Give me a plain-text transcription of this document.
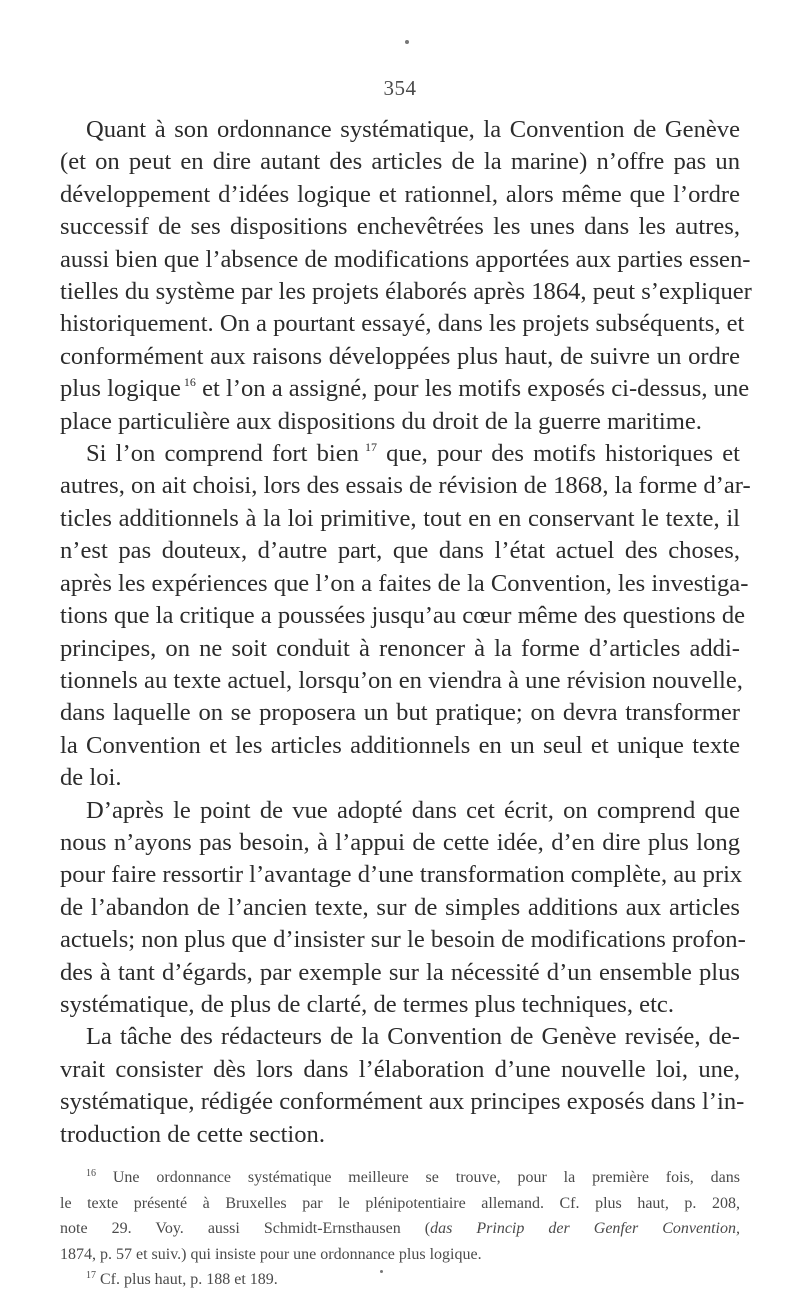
354
Quant à son ordonnance systématique, la Convention de Genève
(et on peut en dire autant des articles de la marine) n’offre pas un
développement d’idées logique et rationnel, alors même que l’ordre
successif de ses dispositions enchevêtrées les unes dans les autres,
aussi bien que l’absence de modifications apportées aux parties essen-
tielles du système par les projets élaborés après 1864, peut s’expliquer
historiquement. On a pourtant essayé, dans les projets subséquents, et
conformément aux raisons développées plus haut, de suivre un ordre
plus logique $^{16}$ et l’on a assigné, pour les motifs exposés ci-dessus, une
place particulière aux dispositions du droit de la guerre maritime.
Si l’on comprend fort bien $^{17}$ que, pour des motifs historiques et
autres, on ait choisi, lors des essais de révision de 1868, la forme d’ar-
ticles additionnels à la loi primitive, tout en en conservant le texte, il
n’est pas douteux, d’autre part, que dans l’état actuel des choses,
après les expériences que l’on a faites de la Convention, les investiga-
tions que la critique a poussées jusqu’au cœur même des questions de
principes, on ne soit conduit à renoncer à la forme d’articles addi-
tionnels au texte actuel, lorsqu’on en viendra à une révision nouvelle,
dans laquelle on se proposera un but pratique; on devra transformer
la Convention et les articles additionnels en un seul et unique texte
de loi.
D’après le point de vue adopté dans cet écrit, on comprend que
nous n’ayons pas besoin, à l’appui de cette idée, d’en dire plus long
pour faire ressortir l’avantage d’une transformation complète, au prix
de l’abandon de l’ancien texte, sur de simples additions aux articles
actuels; non plus que d’insister sur le besoin de modifications profon-
des à tant d’égards, par exemple sur la nécessité d’un ensemble plus
systématique, de plus de clarté, de termes plus techniques, etc.
La tâche des rédacteurs de la Convention de Genève revisée, de-
vrait consister dès lors dans l’élaboration d’une nouvelle loi, une,
systématique, rédigée conformément aux principes exposés dans l’in-
troduction de cette section.
$^{16}$ Une ordonnance systématique meilleure se trouve, pour la première fois, dans
le texte présenté à Bruxelles par le plénipotentiaire allemand. Cf. plus haut, p. 208,
note 29. Voy. aussi Schmidt-Ernsthausen (das Princip der Genfer Convention,
1874, p. 57 et suiv.) qui insiste pour une ordonnance plus logique.
$^{17}$ Cf. plus haut, p. 188 et 189.
